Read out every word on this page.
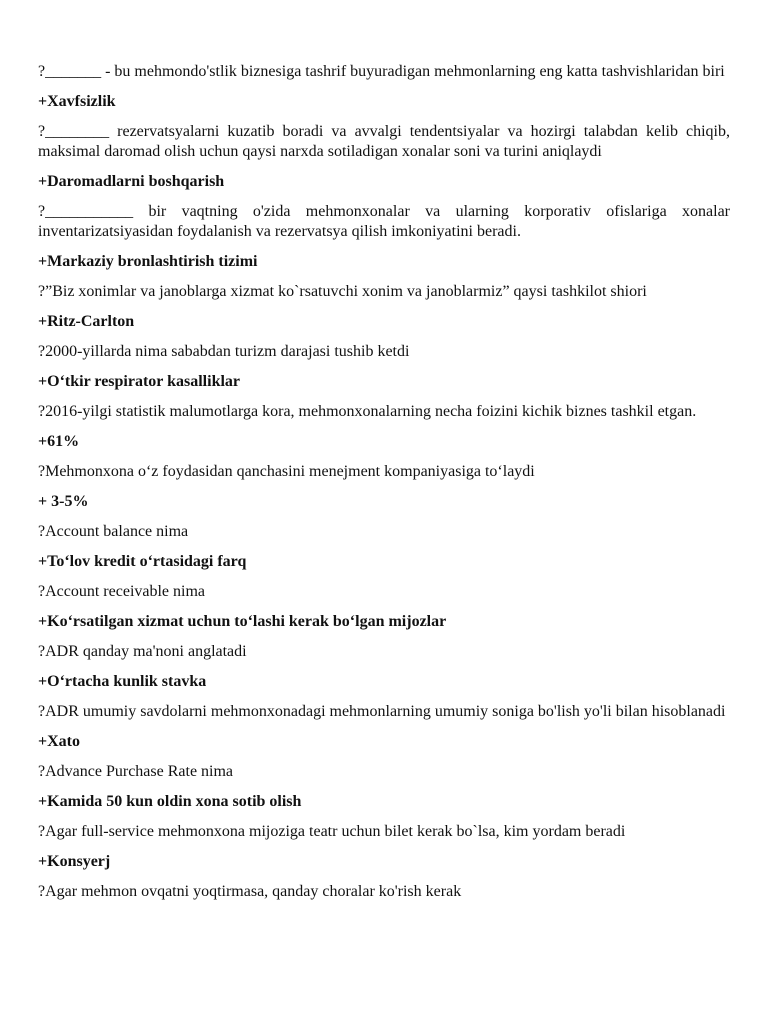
?_______ - bu mehmondo'stlik biznesiga tashrif buyuradigan mehmonlarning eng katta tashvishlaridan biri

+Xavfsizlik

?________ rezervatsyalarni kuzatib boradi va avvalgi tendentsiyalar va hozirgi talabdan kelib chiqib, maksimal daromad olish uchun qaysi narxda sotiladigan xonalar soni va turini aniqlaydi

+Daromadlarni boshqarish

?___________ bir vaqtning o'zida mehmonxonalar va ularning korporativ ofislariga xonalar inventarizatsiyasidan foydalanish va rezervatsya qilish imkoniyatini beradi.

+Markaziy bronlashtirish tizimi

?”Biz xonimlar va janoblarga xizmat ko`rsatuvchi xonim va janoblarmiz” qaysi tashkilot shiori

+Ritz-Carlton

?2000-yillarda nima sababdan turizm darajasi tushib ketdi

+O‘tkir respirator kasalliklar

?2016-yilgi statistik malumotlarga kora, mehmonxonalarning necha foizini kichik biznes tashkil etgan.

+61%

?Mehmonxona o‘z foydasidan qanchasini menejment kompaniyasiga to‘laydi

+ 3-5%

?Account balance nima

+To‘lov kredit o‘rtasidagi farq

?Account receivable nima

+Ko‘rsatilgan xizmat uchun to‘lashi kerak bo‘lgan mijozlar

?ADR qanday ma'noni anglatadi

+O‘rtacha kunlik stavka

?ADR umumiy savdolarni mehmonxonadagi mehmonlarning umumiy soniga bo'lish yo'li bilan hisoblanadi

+Xato

?Advance Purchase Rate nima

+Kamida 50 kun oldin xona sotib olish

?Agar full-service mehmonxona mijoziga teatr uchun bilet kerak bo`lsa, kim yordam beradi

+Konsyerj

?Agar mehmon ovqatni yoqtirmasa, qanday choralar ko'rish kerak
